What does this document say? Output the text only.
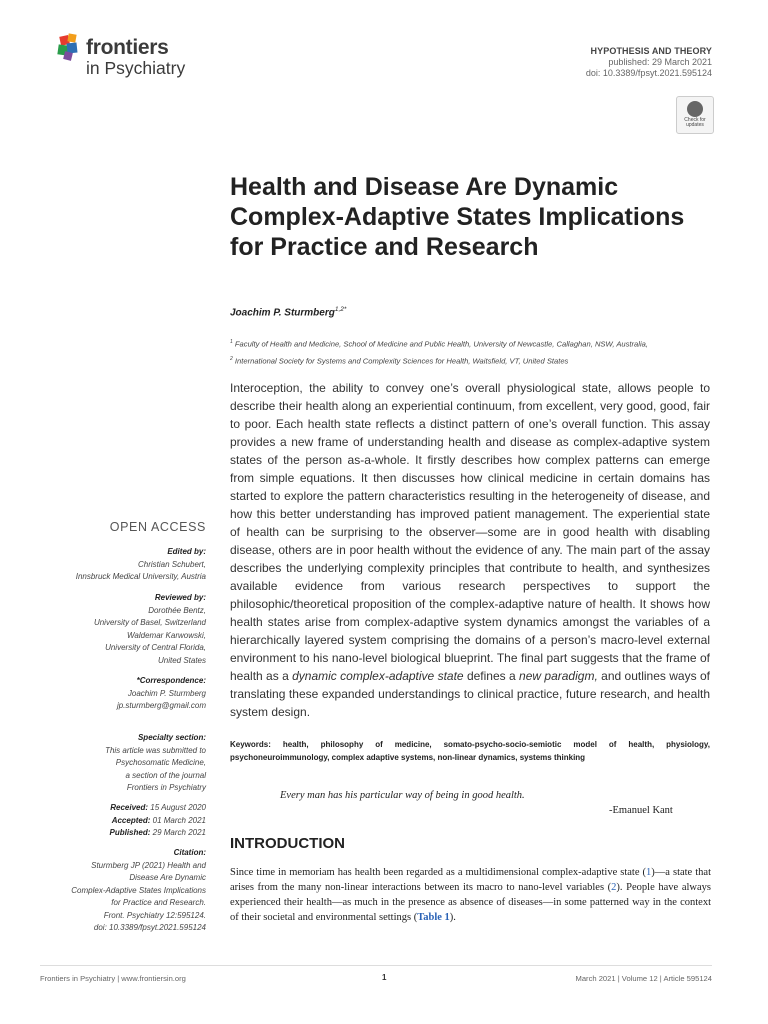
frontiers
in Psychiatry
HYPOTHESIS AND THEORY
published: 29 March 2021
doi: 10.3389/fpsyt.2021.595124
Check for updates
Health and Disease Are Dynamic Complex-Adaptive States Implications for Practice and Research
Joachim P. Sturmberg$^{1,2*}$
$^1$ Faculty of Health and Medicine, School of Medicine and Public Health, University of Newcastle, Callaghan, NSW, Australia,
$^2$ International Society for Systems and Complexity Sciences for Health, Waitsfield, VT, United States
Interoception, the ability to convey one’s overall physiological state, allows people to describe their health along an experiential continuum, from excellent, very good, good, fair to poor. Each health state reflects a distinct pattern of one’s overall function. This assay provides a new frame of understanding health and disease as complex-adaptive system states of the person as-a-whole. It firstly describes how complex patterns can emerge from simple equations. It then discusses how clinical medicine in certain domains has started to explore the pattern characteristics resulting in the heterogeneity of disease, and how this better understanding has improved patient management. The experiential state of health can be surprising to the observer—some are in good health with disabling disease, others are in poor health without the evidence of any. The main part of the assay describes the underlying complexity principles that contribute to health, and synthesizes available evidence from various research perspectives to support the philosophic/theoretical proposition of the complex-adaptive nature of health. It shows how health states arise from complex-adaptive system dynamics amongst the variables of a hierarchically layered system comprising the domains of a person’s macro-level external environment to his nano-level biological blueprint. The final part suggests that the frame of health as a dynamic complex-adaptive state defines a new paradigm, and outlines ways of translating these expanded understandings to clinical practice, future research, and health system design.
Keywords: health, philosophy of medicine, somato-psycho-socio-semiotic model of health, physiology, psychoneuroimmunology, complex adaptive systems, non-linear dynamics, systems thinking
Every man has his particular way of being in good health.
-Emanuel Kant
INTRODUCTION
Since time in memoriam has health been regarded as a multidimensional complex-adaptive state (1)—a state that arises from the many non-linear interactions between its macro to nano-level variables (2). People have always experienced their health—as much in the presence as absence of diseases—in some patterned way in the context of their societal and environmental settings (Table 1).
OPEN ACCESS
Edited by:
Christian Schubert,
Innsbruck Medical University, Austria
Reviewed by:
Dorothée Bentz,
University of Basel, Switzerland
Waldemar Karwowski,
University of Central Florida,
United States
*Correspondence:
Joachim P. Sturmberg
jp.sturmberg@gmail.com
Specialty section:
This article was submitted to
Psychosomatic Medicine,
a section of the journal
Frontiers in Psychiatry
Received: 15 August 2020
Accepted: 01 March 2021
Published: 29 March 2021
Citation:
Sturmberg JP (2021) Health and
Disease Are Dynamic
Complex-Adaptive States Implications
for Practice and Research.
Front. Psychiatry 12:595124.
doi: 10.3389/fpsyt.2021.595124
Frontiers in Psychiatry | www.frontiersin.org	1	March 2021 | Volume 12 | Article 595124
